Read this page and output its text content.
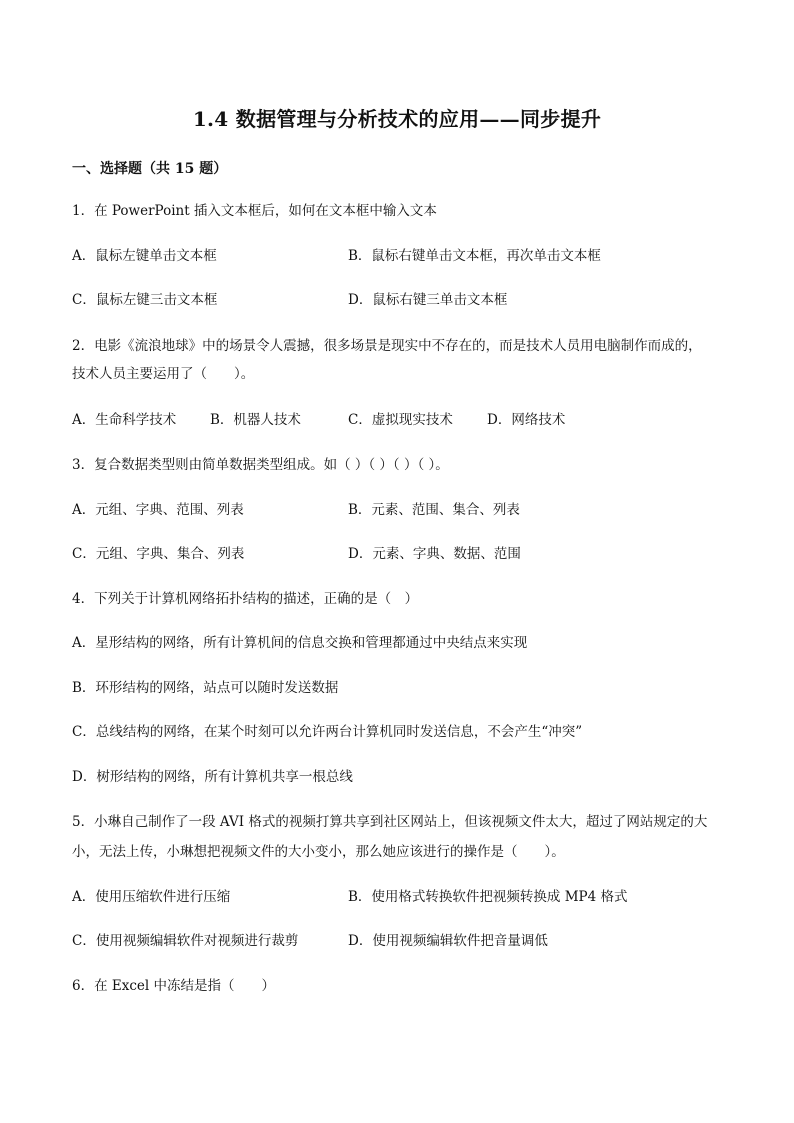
1.4 数据管理与分析技术的应用——同步提升
一、选择题（共 15 题）
1．在 PowerPoint 插入文本框后，如何在文本框中输入文本
A．鼠标左键单击文本框	B．鼠标右键单击文本框，再次单击文本框
C．鼠标左键三击文本框	D．鼠标右键三单击文本框
2．电影《流浪地球》中的场景令人震撼，很多场景是现实中不存在的，而是技术人员用电脑制作而成的，
技术人员主要运用了（　　）。
A．生命科学技术	B．机器人技术	C．虚拟现实技术	D．网络技术
3．复合数据类型则由简单数据类型组成。如（ ）（ ）（ ）（ ）。
A．元组、字典、范围、列表	B．元素、范围、集合、列表
C．元组、字典、集合、列表	D．元素、字典、数据、范围
4．下列关于计算机网络拓扑结构的描述，正确的是（　）
A．星形结构的网络，所有计算机间的信息交换和管理都通过中央结点来实现
B．环形结构的网络，站点可以随时发送数据
C．总线结构的网络，在某个时刻可以允许两台计算机同时发送信息，不会产生“冲突”
D．树形结构的网络，所有计算机共享一根总线
5．小琳自己制作了一段 AVI 格式的视频打算共享到社区网站上，但该视频文件太大，超过了网站规定的大
小，无法上传，小琳想把视频文件的大小变小，那么她应该进行的操作是（　　）。
A．使用压缩软件进行压缩	B．使用格式转换软件把视频转换成 MP4 格式
C．使用视频编辑软件对视频进行裁剪	D．使用视频编辑软件把音量调低
6．在 Excel 中冻结是指（　　）
